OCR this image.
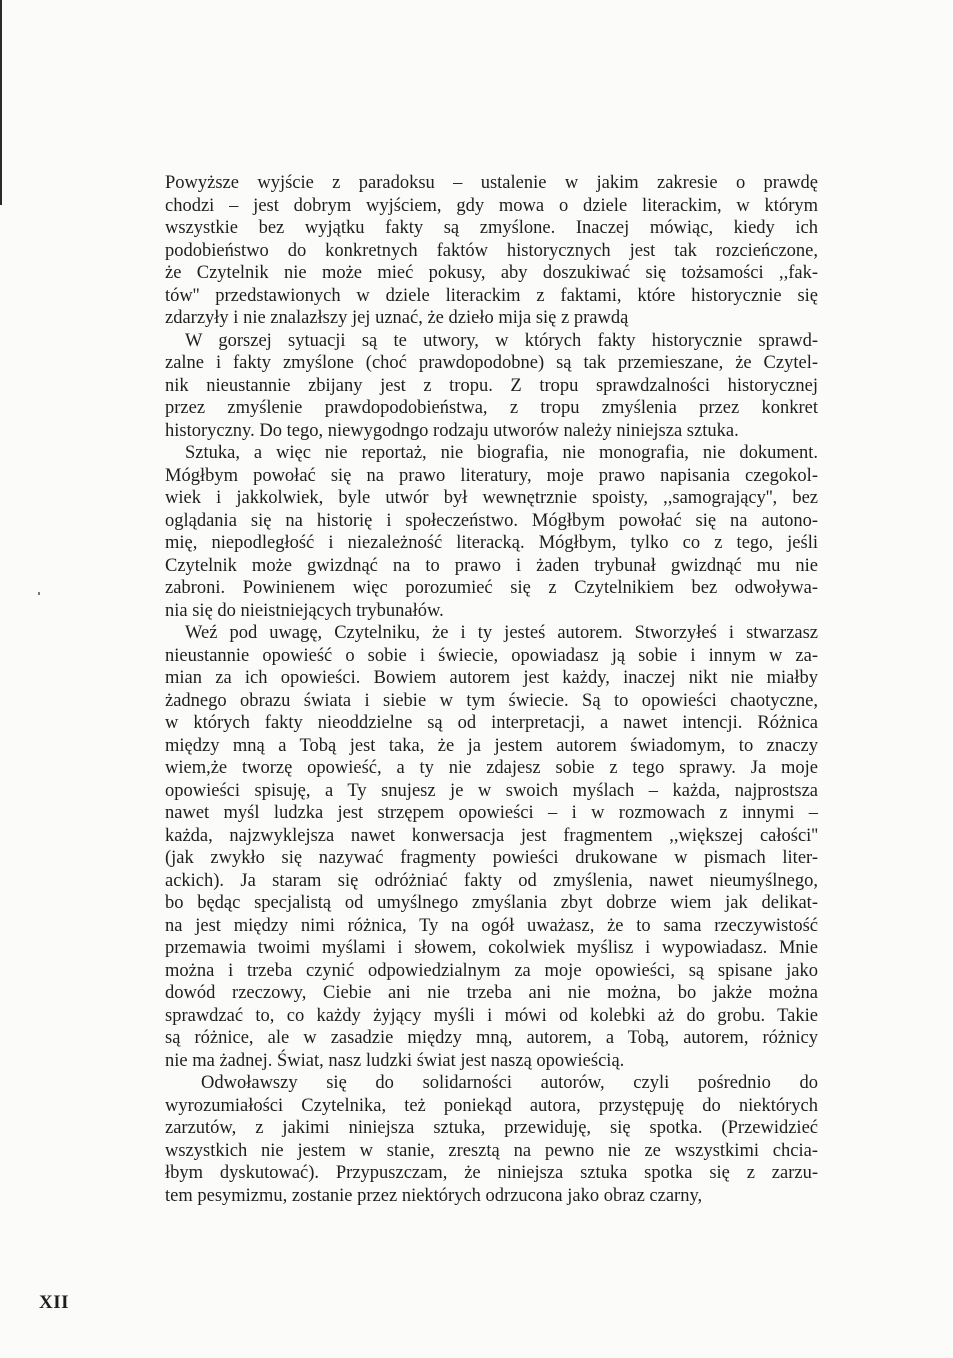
Powyższe wyjście z paradoksu – ustalenie w jakim zakresie o prawdę
chodzi – jest dobrym wyjściem, gdy mowa o dziele literackim, w którym
wszystkie bez wyjątku fakty są zmyślone. Inaczej mówiąc, kiedy ich
podobieństwo do konkretnych faktów historycznych jest tak rozcieńczone,
że Czytelnik nie może mieć pokusy, aby doszukiwać się tożsamości ,,fak-
tów'' przedstawionych w dziele literackim z faktami, które historycznie się
zdarzyły i nie znalazłszy jej uznać, że dzieło mija się z prawdą
W gorszej sytuacji są te utwory, w których fakty historycznie sprawd-
zalne i fakty zmyślone (choć prawdopodobne) są tak przemieszane, że Czytel-
nik nieustannie zbijany jest z tropu. Z tropu sprawdzalności historycznej
przez zmyślenie prawdopodobieństwa, z tropu zmyślenia przez konkret
historyczny. Do tego, niewygodngo rodzaju utworów należy niniejsza sztuka.
Sztuka, a więc nie reportaż, nie biografia, nie monografia, nie dokument.
Mógłbym powołać się na prawo literatury, moje prawo napisania czegokol-
wiek i jakkolwiek, byle utwór był wewnętrznie spoisty, ,,samogrający'', bez
oglądania się na historię i społeczeństwo. Mógłbym powołać się na autono-
mię, niepodległość i niezależność literacką. Mógłbym, tylko co z tego, jeśli
Czytelnik może gwizdnąć na to prawo i żaden trybunał gwizdnąć mu nie
zabroni. Powinienem więc porozumieć się z Czytelnikiem bez odwoływa-
nia się do nieistniejących trybunałów.
Weź pod uwagę, Czytelniku, że i ty jesteś autorem. Stworzyłeś i stwarzasz
nieustannie opowieść o sobie i świecie, opowiadasz ją sobie i innym w za-
mian za ich opowieści. Bowiem autorem jest każdy, inaczej nikt nie miałby
żadnego obrazu świata i siebie w tym świecie. Są to opowieści chaotyczne,
w których fakty nieoddzielne są od interpretacji, a nawet intencji. Różnica
między mną a Tobą jest taka, że ja jestem autorem świadomym, to znaczy
wiem,że tworzę opowieść, a ty nie zdajesz sobie z tego sprawy. Ja moje
opowieści spisuję, a Ty snujesz je w swoich myślach – każda, najprostsza
nawet myśl ludzka jest strzępem opowieści – i w rozmowach z innymi –
każda, najzwyklejsza nawet konwersacja jest fragmentem ,,większej całości''
(jak zwykło się nazywać fragmenty powieści drukowane w pismach liter-
ackich). Ja staram się odróżniać fakty od zmyślenia, nawet nieumyślnego,
bo będąc specjalistą od umyślnego zmyślania zbyt dobrze wiem jak delikat-
na jest między nimi różnica, Ty na ogół uważasz, że to sama rzeczywistość
przemawia twoimi myślami i słowem, cokolwiek myślisz i wypowiadasz. Mnie
można i trzeba czynić odpowiedzialnym za moje opowieści, są spisane jako
dowód rzeczowy, Ciebie ani nie trzeba ani nie można, bo jakże można
sprawdzać to, co każdy żyjący myśli i mówi od kolebki aż do grobu. Takie
są różnice, ale w zasadzie między mną, autorem, a Tobą, autorem, różnicy
nie ma żadnej. Świat, nasz ludzki świat jest naszą opowieścią.
Odwoławszy się do solidarności autorów, czyli pośrednio do
wyrozumiałości Czytelnika, też poniekąd autora, przystępuję do niektórych
zarzutów, z jakimi niniejsza sztuka, przewiduję, się spotka. (Przewidzieć
wszystkich nie jestem w stanie, zresztą na pewno nie ze wszystkimi chcia-
łbym dyskutować). Przypuszczam, że niniejsza sztuka spotka się z zarzu-
tem pesymizmu, zostanie przez niektórych odrzucona jako obraz czarny,
XII
